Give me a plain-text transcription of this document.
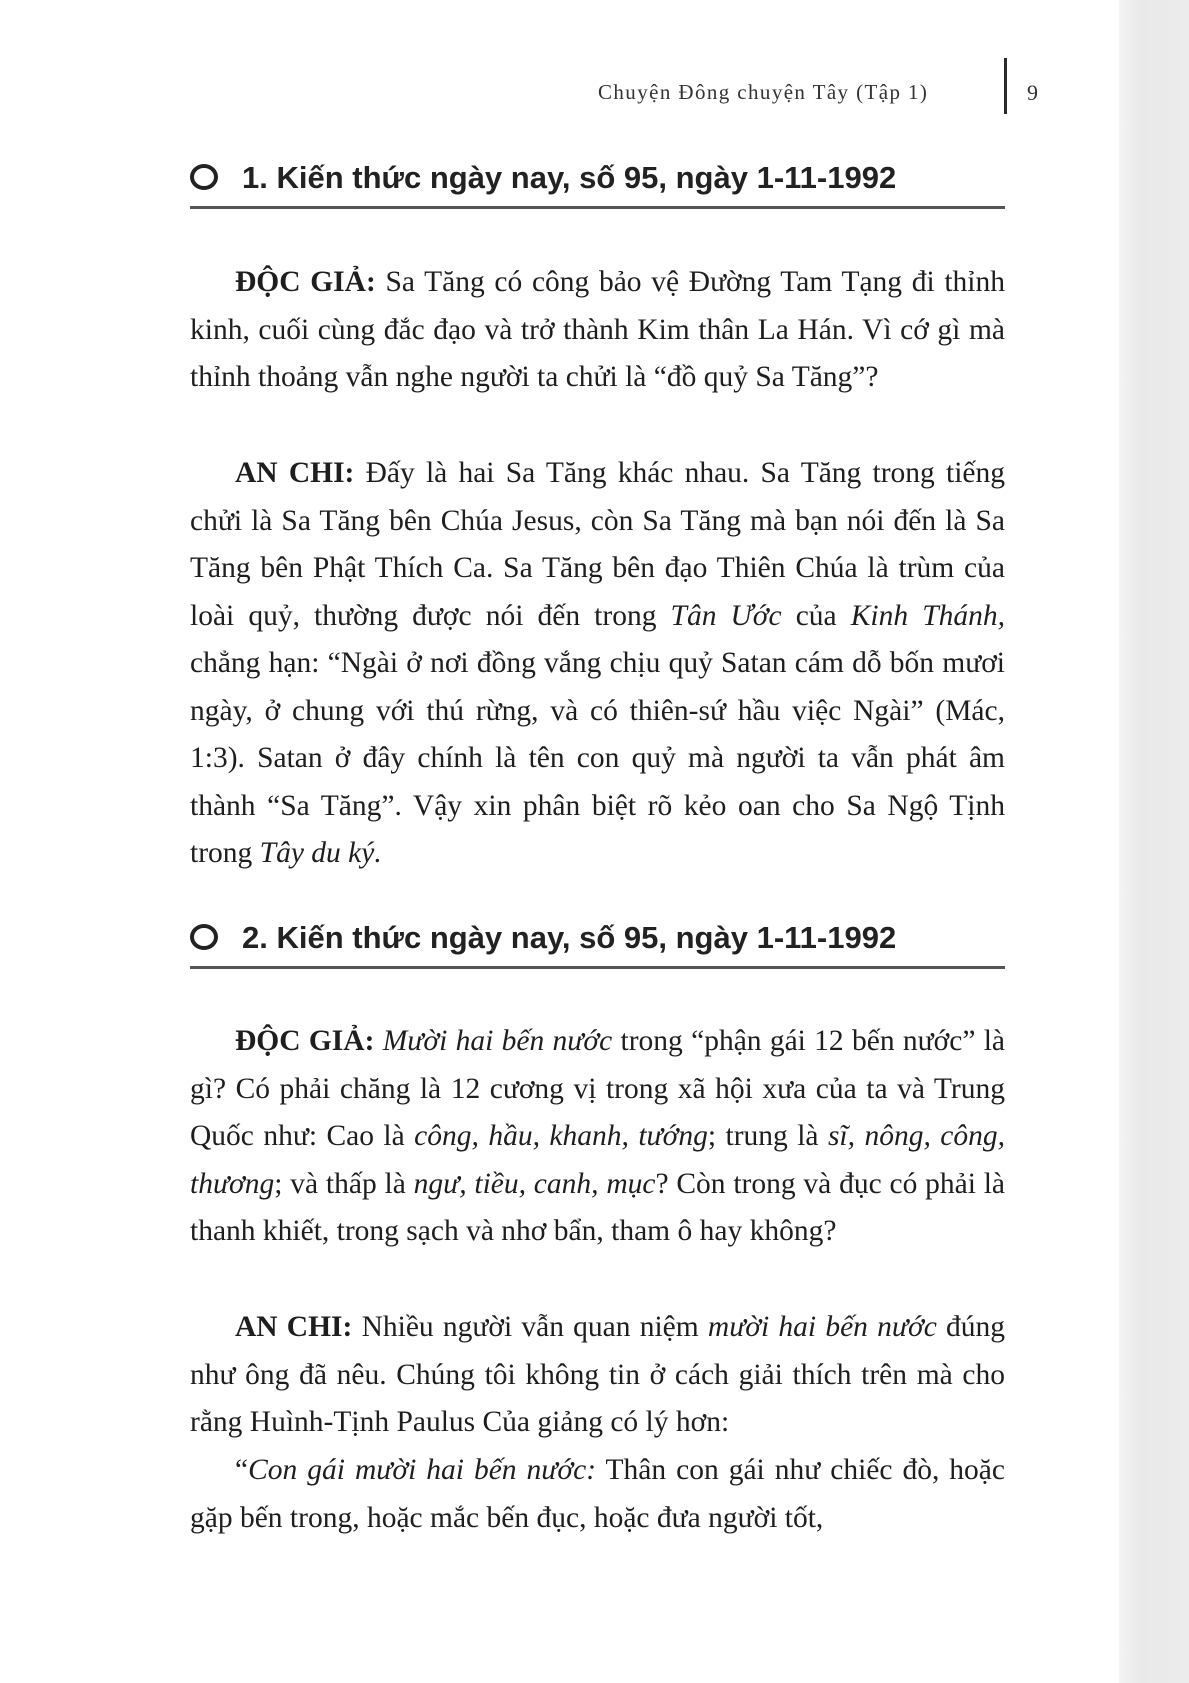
Chuyện Đông chuyện Tây (Tập 1)	9
1. Kiến thức ngày nay, số 95, ngày 1-11-1992
ĐỘC GIẢ: Sa Tăng có công bảo vệ Đường Tam Tạng đi thỉnh kinh, cuối cùng đắc đạo và trở thành Kim thân La Hán. Vì cớ gì mà thỉnh thoảng vẫn nghe người ta chửi là “đồ quỷ Sa Tăng”?
AN CHI: Đấy là hai Sa Tăng khác nhau. Sa Tăng trong tiếng chửi là Sa Tăng bên Chúa Jesus, còn Sa Tăng mà bạn nói đến là Sa Tăng bên Phật Thích Ca. Sa Tăng bên đạo Thiên Chúa là trùm của loài quỷ, thường được nói đến trong Tân Ước của Kinh Thánh, chẳng hạn: “Ngài ở nơi đồng vắng chịu quỷ Satan cám dỗ bốn mươi ngày, ở chung với thú rừng, và có thiên-sứ hầu việc Ngài” (Mác, 1:3). Satan ở đây chính là tên con quỷ mà người ta vẫn phát âm thành “Sa Tăng”. Vậy xin phân biệt rõ kẻo oan cho Sa Ngộ Tịnh trong Tây du ký.
2. Kiến thức ngày nay, số 95, ngày 1-11-1992
ĐỘC GIẢ: Mười hai bến nước trong “phận gái 12 bến nước” là gì? Có phải chăng là 12 cương vị trong xã hội xưa của ta và Trung Quốc như: Cao là công, hầu, khanh, tướng; trung là sĩ, nông, công, thương; và thấp là ngư, tiều, canh, mục? Còn trong và đục có phải là thanh khiết, trong sạch và nhơ bẩn, tham ô hay không?
AN CHI: Nhiều người vẫn quan niệm mười hai bến nước đúng như ông đã nêu. Chúng tôi không tin ở cách giải thích trên mà cho rằng Huình-Tịnh Paulus Của giảng có lý hơn:
“Con gái mười hai bến nước: Thân con gái như chiếc đò, hoặc gặp bến trong, hoặc mắc bến đục, hoặc đưa người tốt,
